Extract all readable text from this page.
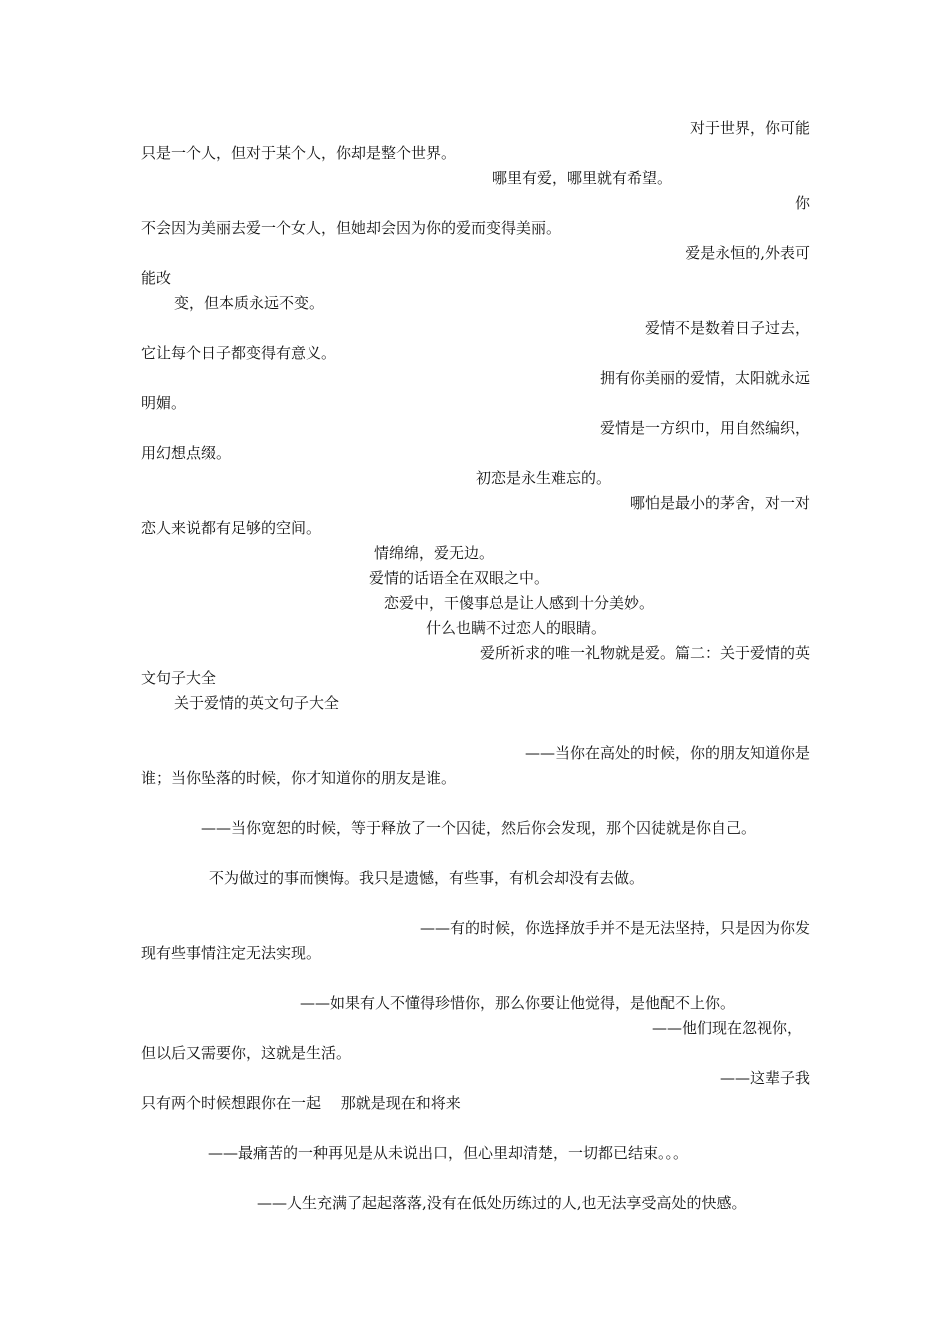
对于世界，你可能
只是一个人，但对于某个人，你却是整个世界。
哪里有爱，哪里就有希望。
你
不会因为美丽去爱一个女人，但她却会因为你的爱而变得美丽。
爱是永恒的,外表可
能改
变，但本质永远不变。
爱情不是数着日子过去，
它让每个日子都变得有意义。
拥有你美丽的爱情，太阳就永远
明媚。
爱情是一方织巾，用自然编织，
用幻想点缀。
初恋是永生难忘的。
哪怕是最小的茅舍，对一对
恋人来说都有足够的空间。
情绵绵，爱无边。
爱情的话语全在双眼之中。
恋爱中，干傻事总是让人感到十分美妙。
什么也瞒不过恋人的眼睛。
爱所祈求的唯一礼物就是爱。篇二：关于爱情的英
文句子大全
关于爱情的英文句子大全
——当你在高处的时候，你的朋友知道你是
谁；当你坠落的时候，你才知道你的朋友是谁。
——当你宽恕的时候，等于释放了一个囚徒，然后你会发现，那个囚徒就是你自己。
不为做过的事而懊悔。我只是遗憾，有些事，有机会却没有去做。
——有的时候，你选择放手并不是无法坚持，只是因为你发
现有些事情注定无法实现。
——如果有人不懂得珍惜你，那么你要让他觉得，是他配不上你。
——他们现在忽视你，
但以后又需要你，这就是生活。
——这辈子我
只有两个时候想跟你在一起　 那就是现在和将来
——最痛苦的一种再见是从未说出口，但心里却清楚，一切都已结束。。。
——人生充满了起起落落,没有在低处历练过的人,也无法享受高处的快感。
